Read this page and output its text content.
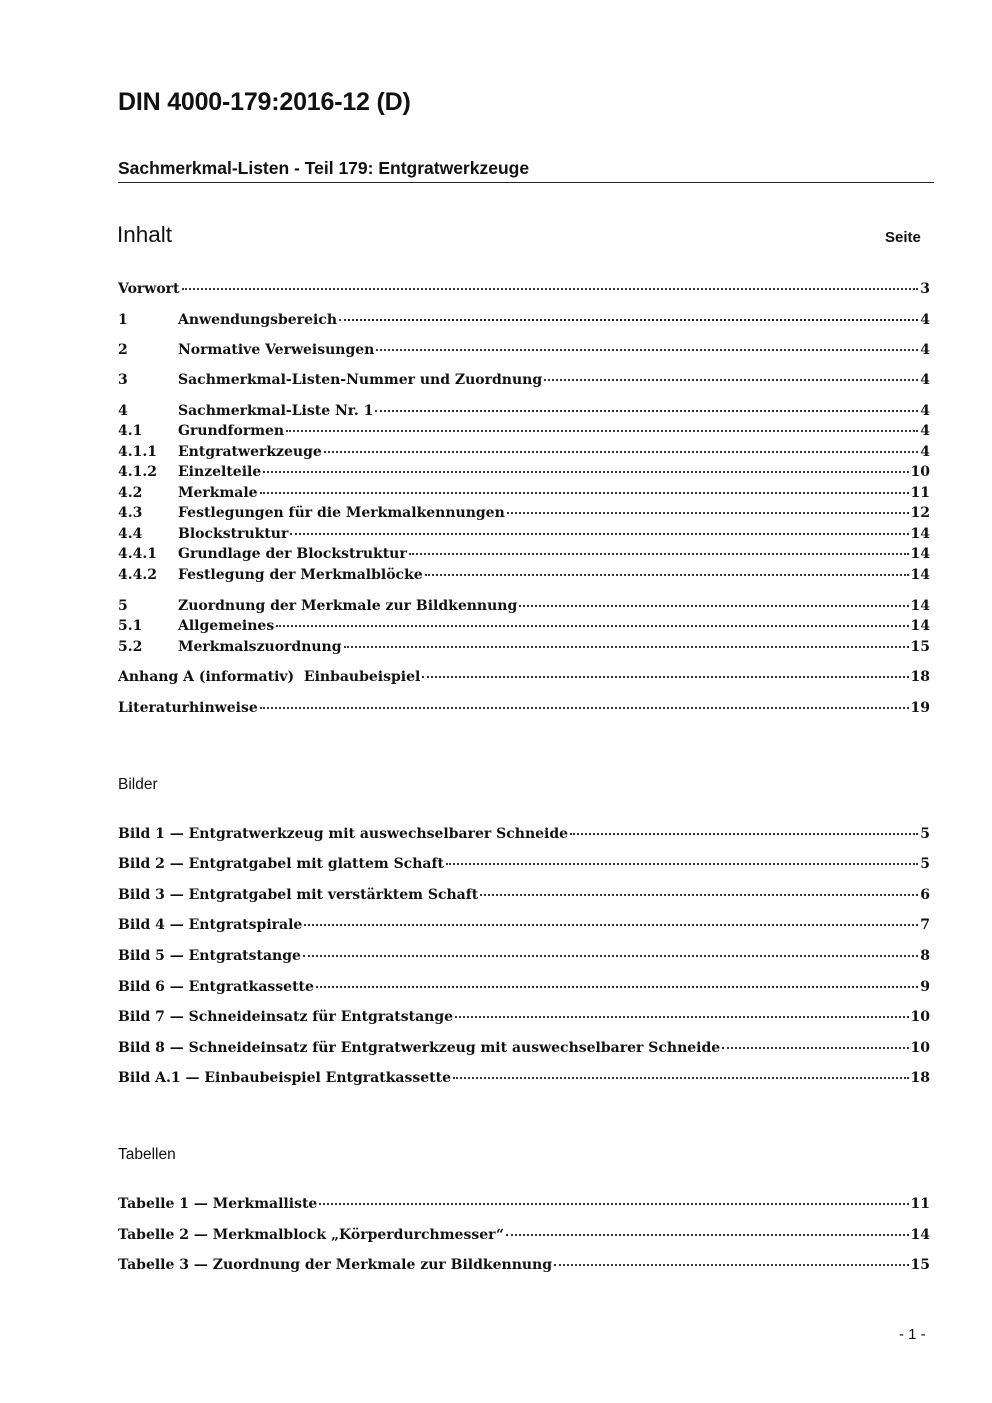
DIN 4000-179:2016-12 (D)
Sachmerkmal-Listen - Teil 179: Entgratwerkzeuge
Inhalt	Seite
Vorwort	3
1	Anwendungsbereich	4
2	Normative Verweisungen	4
3	Sachmerkmal-Listen-Nummer und Zuordnung	4
4	Sachmerkmal-Liste Nr. 1	4
4.1	Grundformen	4
4.1.1	Entgratwerkzeuge	4
4.1.2	Einzelteile	10
4.2	Merkmale	11
4.3	Festlegungen für die Merkmalkennungen	12
4.4	Blockstruktur	14
4.4.1	Grundlage der Blockstruktur	14
4.4.2	Festlegung der Merkmalblöcke	14
5	Zuordnung der Merkmale zur Bildkennung	14
5.1	Allgemeines	14
5.2	Merkmalszuordnung	15
Anhang A (informativ)  Einbaubeispiel	18
Literaturhinweise	19
Bilder
Bild 1 — Entgratwerkzeug mit auswechselbarer Schneide	5
Bild 2 — Entgratgabel mit glattem Schaft	5
Bild 3 — Entgratgabel mit verstärktem Schaft	6
Bild 4 — Entgratspirale	7
Bild 5 — Entgratstange	8
Bild 6 — Entgratkassette	9
Bild 7 — Schneideinsatz für Entgratstange	10
Bild 8 — Schneideinsatz für Entgratwerkzeug mit auswechselbarer Schneide	10
Bild A.1 — Einbaubeispiel Entgratkassette	18
Tabellen
Tabelle 1 — Merkmalliste	11
Tabelle 2 — Merkmalblock „Körperdurchmesser“	14
Tabelle 3 — Zuordnung der Merkmale zur Bildkennung	15
- 1 -
